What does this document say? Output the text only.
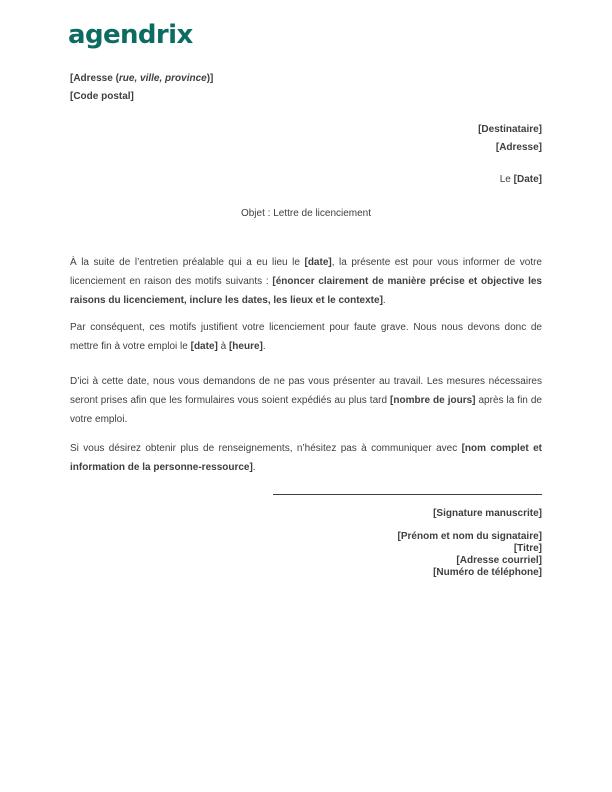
agendrix
[Adresse (rue, ville, province)]
[Code postal]
[Destinataire]
[Adresse]
Le [Date]
Objet : Lettre de licenciement

À la suite de l’entretien préalable qui a eu lieu le [date], la présente est pour vous informer de votre licenciement en raison des motifs suivants : [énoncer clairement de manière précise et objective les raisons du licenciement, inclure les dates, les lieux et le contexte].

Par conséquent, ces motifs justifient votre licenciement pour faute grave. Nous nous devons donc de mettre fin à votre emploi le [date] à [heure].

D’ici à cette date, nous vous demandons de ne pas vous présenter au travail. Les mesures nécessaires seront prises afin que les formulaires vous soient expédiés au plus tard [nombre de jours] après la fin de votre emploi.

Si vous désirez obtenir plus de renseignements, n’hésitez pas à communiquer avec [nom complet et information de la personne-ressource].

[Signature manuscrite]
[Prénom et nom du signataire]
[Titre]
[Adresse courriel]
[Numéro de téléphone]
